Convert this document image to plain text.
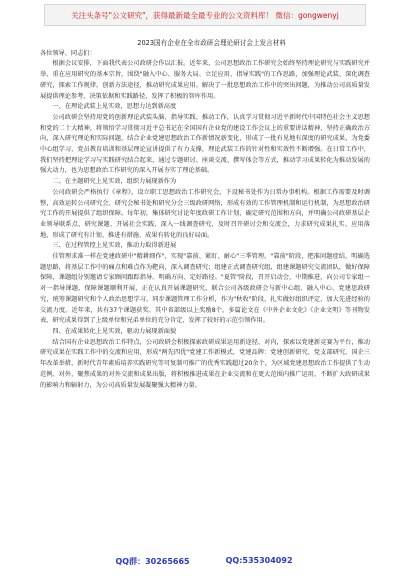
关注头条号"公文研究"，获得最新最全最专业的公文资料库！ 微信：gongwenyj

2023国有企业在全市政研会理论研讨会上发言材料

各位领导、同志们：

根据会议安排，下面我代表公司政研会作以汇报。近年来，公司思想政治工作研究会始终坚持理论研究与实践研究并举、重在应用研究的基本宗旨，围绕"融入中心、服务大局、立足应用、指导实践"的工作思路，加强理论武装、深化调查研究，探索工作规律，创新方法途径，推动研究成果应用。解决了一批思想政治工作中的突出问题，为推动公司高质量发展提供理论参考、决策依据和实践路径，发挥了积极的智库作用。

一、在理论武装上见实效，思想力达到新高度

公司政研会坚持用党的创新理论武装头脑、指导实践、推动工作，认真学习贯彻习近平新时代中国特色社会主义思想和党的二十大精神，将领悟学习贯彻习近平总书记在全国国有企业党的建设工作会议上的重要讲话精神，坚持正确政治方向，深入研究理论和实际问题，结合企业党建思想政治工作新情况新变化，形成了一批有见地有深度的研究成果，为党委中心组学习、党员教育培训和基层理论宣讲提供了有力支撑，理论武装工作的针对性和实效性不断增强。在日常工作中，我们坚持把理论学习与实践研究结合起来，通过专题研讨、座谈交流、撰写体会等方式，推动学习成果转化为推动发展的强大动力，也为思想政治工作研究的深入开展夯实了理论基础。

二、在主题研究上见实效，组织力展现新作为

公司政研会严格执行《章程》，设立职工思想政治工作研究会，下设秘书处作为日常办事机构。根据工作需要及时调整，高效运转公司研究会、研究会秘书处和研究分会三级政研网络，形成有效的工作管理机制和运行机制，为思想政治研究工作的开展提供了组织保障。每年初，集体研究讨论年度政研工作计划，确定研究范围和方向，并明确公司政研基层企业领导联系点、研究课题、开展社会实践、深入一线调查研究，及时召开研讨会和交流会，力求研究成果扎实、应用落地，形成了研究有计划、推进有措施、成果有转化的良好局面。

三、在过程管控上见实效，推动力取得新进展

佳管理求准一样在党建政研中"精耕细作"，实现"靠前、紧盯、耐心"三季管理。"靠前"阶段，把准问题症结，明确选题思路，将基层工作中的痛点和难点作为靶向，深入调查研究；组建正式调查研究组，组建课题研究交流团队，做好保障保障，课题组分别邀请专家顾问跟踪指导。明确方向、定好路径。"夏管"阶段，召开启动会，中期推进，向公司专家组一对一指导课题，保障课题顺利开展，正在认真开展课题研究，联合公司各级政研会与新中心组、融入中心、党建思政研究，统筹课题研究和个人政治思想学习，同步课题管理工作分析，作为"秋收"阶段，扎实做好组织评定、加大先进经验的交流力度。近年来，共有37个课题获奖、其中省部级以上奖励8个，多篇论文在《中外企业文化》《企业文明》等刊物发表，研究成果得到了上级单位和兄弟单位的充分肯定，发挥了较好的示范引领作用。

四、在成果转化上见实效，驱动力展现新面貌

结合国有企业思想政治工作特点，公司政研会积极探索政研成果运用新途径、对内，探索以党建新竞赛为平台，推动研究成果在实践工作中的交流和应用，形成"两先四优"党建工作新模式，党建品牌：党建创新研究、党支部研究、国企三年改革举措、新时代青年素质培养实践研究等可复制可推广的优秀实践超过20余个，为区域党建思想政治工作提供了生动范例、对外，聚焦成果的对外交流和成果出版，将积极推进成果在企业交流和在更大范围内推广运用，不断扩大政研成果的影响力和辐射力，为公司高质量发展凝聚强大精神力量。

QQ群：30265665	QQ:535304092
